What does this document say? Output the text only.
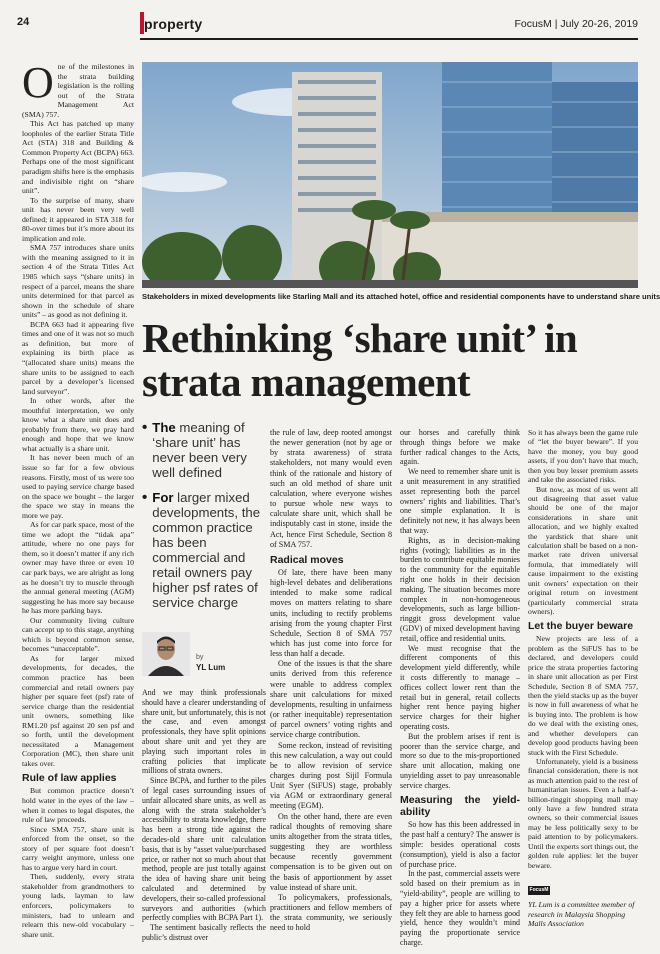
24	property	FocusM | July 20-26, 2019
O ne of the milestones in the strata building legislation is the rolling out of the Strata Management Act (SMA) 757.

This Act has patched up many loopholes of the earlier Strata Title Act (STA) 318 and Building & Common Property Act (BCPA) 663. Perhaps one of the most significant paradigm shifts here is the emphasis and indivisible right on “share unit”.

To the surprise of many, share unit has never been very well defined; it appeared in STA 318 for 80-over times but it’s more about its implication and role.

SMA 757 introduces share units with the meaning assigned to it in section 4 of the Strata Titles Act 1985 which says “(share units) in respect of a parcel, means the share units determined for that parcel as shown in the schedule of share units” – as good as not defining it.

BCPA 663 had it appearing five times and one of it was not so much as definition, but more of explaining its birth place as “(allocated share units) means the share units to be assigned to each parcel by a developer’s licensed land surveyor”.

In other words, after the mouthful interpretation, we only know what a share unit does and probably from there, we pray hard enough and hope that we know what actually is a share unit.

It has never been much of an issue so far for a few obvious reasons. Firstly, most of us were too used to paying service charge based on the space we bought – the larger the space we stay in means the more we pay.

As for car park space, most of the time we adopt the “tidak apa” attitude, where no one pays for them, so it doesn’t matter if any rich owner may have three or even 10 car park bays, we are alright as long as he doesn’t try to muscle through the annual general meeting (AGM) suggesting he has more say because he has more parking bays.

Our community living culture can accept up to this stage, anything which is beyond common sense, becomes “unacceptable”.

As for larger mixed developments, for decades, the common practice has been commercial and retail owners pay higher per square feet (psf) rate of service charge than the residential unit owners, something like RM1.20 psf against 20 sen psf and so forth, until the development necessitated a Management Corporation (MC), then share unit takes over.

Rule of law applies

But common practice doesn’t hold water in the eyes of the law – when it comes to legal disputes, the rule of law proceeds.

Since SMA 757, share unit is enforced from the onset, so the story of per square foot doesn’t carry weight anymore, unless one has to argue very hard in court.

Then, suddenly, every strata stakeholder from grandmothers to young lads, layman to law enforcers, policymakers to ministers, had to unlearn and relearn this new-old vocabulary – share unit.

Stakeholders in mixed developments like Starling Mall and its attached hotel, office and residential components have to understand share units
Rethinking ‘share unit’ in strata management
• The meaning of ‘share unit’ has never been very well defined
• For larger mixed developments, the common practice has been commercial and retail owners pay higher psf rates of service charge
by
YL Lum

And we may think professionals should have a clearer understanding of share unit, but unfortunately, this is not the case, and even amongst professionals, they have split opinions about share unit and yet they are playing such important roles in crafting policies that implicate millions of strata owners.

Since BCPA, and further to the piles of legal cases surrounding issues of unfair allocated share units, as well as along with the strata stakeholder’s accessibility to strata knowledge, there has been a strong tide against the decades-old share unit calculation basis, that is by “asset value/purchased price, or rather not so much about that method, people are just totally against the idea of having share unit being calculated and determined by developers, their so-called professional surveyors and authorities (which perfectly complies with BCPA Part 1).

The sentiment basically reflects the public’s distrust over

the rule of law, deep rooted amongst the newer generation (not by age or by strata awareness) of strata stakeholders, not many would even think of the rationale and history of such an old method of share unit calculation, where everyone wishes to pursue whole new ways to calculate share unit, which shall be indisputably cast in stone, inside the Act, hence First Schedule, Section 8 of SMA 757.

Radical moves

Of late, there have been many high-level debates and deliberations intended to make some radical moves on matters relating to share units, including to rectify problems arising from the young chapter First Schedule, Section 8 of SMA 757 which has just come into force for less than half a decade.

One of the issues is that the share units derived from this reference were unable to address complex share unit calculations for mixed developments, resulting in unfairness (or rather inequitable) representation of parcel owners’ voting rights and service charge contribution.

Some reckon, instead of revisiting this new calculation, a way out could be to allow revision of service charges during post Sijil Formula Unit Syer (SiFUS) stage, probably via AGM or extraordinary general meeting (EGM).

On the other hand, there are even radical thoughts of removing share units altogether from the strata titles, suggesting they are worthless because recently government compensation is to be given out on the basis of apportionment by asset value instead of share unit.

To policymakers, professionals, practitioners and fellow members of the strata community, we seriously need to hold

our horses and carefully think through things before we make further radical changes to the Acts, again.

We need to remember share unit is a unit measurement in any stratified asset representing both the parcel owners’ rights and liabilities. That’s one simple explanation. It is definitely not new, it has always been that way.

Rights, as in decision-making rights (voting); liabilities as in the burden to contribute equitable monies to the community for the equitable right one holds in their decision making. The situation becomes more complex in non-homogeneous developments, such as large billion-ringgit gross development value (GDV) of mixed development having retail, office and residential units.

We must recognise that the different components of this development yield differently, while it costs differently to manage – offices collect lower rent than the retail but in general, retail collects higher rent hence paying higher service charges for their higher operating costs.

But the problem arises if rent is poorer than the service charge, and more so due to the mis-proportioned share unit allocation, making one unyielding asset to pay unreasonable service charges.

Measuring the yield-ability

So how has this been addressed in the past half a century? The answer is simple: besides operational costs (consumption), yield is also a factor of purchase price.

In the past, commercial assets were sold based on their premium as in “yield-ability”, people are willing to pay a higher price for assets where they felt they are able to harness good yield, hence they wouldn’t mind paying the proportionate service charge.

So it has always been the game rule of “let the buyer beware”. If you have the money, you buy good assets, if you don’t have that much, then you buy lesser premium assets and take the associated risks.

But now, as most of us went all out disagreeing that asset value should be one of the major considerations in share unit allocation, and we highly exalted the yardstick that share unit calculation shall be based on a non-market rate driven universal formula, that immediately will cause impairment to the existing unit owners’ expectation on their original return on investment (particularly commercial strata owners).

Let the buyer beware

New projects are less of a problem as the SiFUS has to be declared, and developers could price the strata properties factoring in share unit allocation as per First Schedule, Section 8 of SMA 757, then the yield stacks up as the buyer is now in full awareness of what he is buying into. The problem is how do we deal with the existing ones, and whether developers can develop good products having been stuck with the First Schedule.

Unfortunately, yield is a business financial consideration, there is not as much attention paid to the rest of humanitarian issues. Even a half-a-billion-ringgit shopping mall may only have a few hundred strata owners, so their commercial issues may be less politically sexy to be paid attention to by policymakers. Until the experts sort things out, the golden rule applies: let the buyer beware.

FocusM
YL Lum is a committee member of research in Malaysia Shopping Malls Association
